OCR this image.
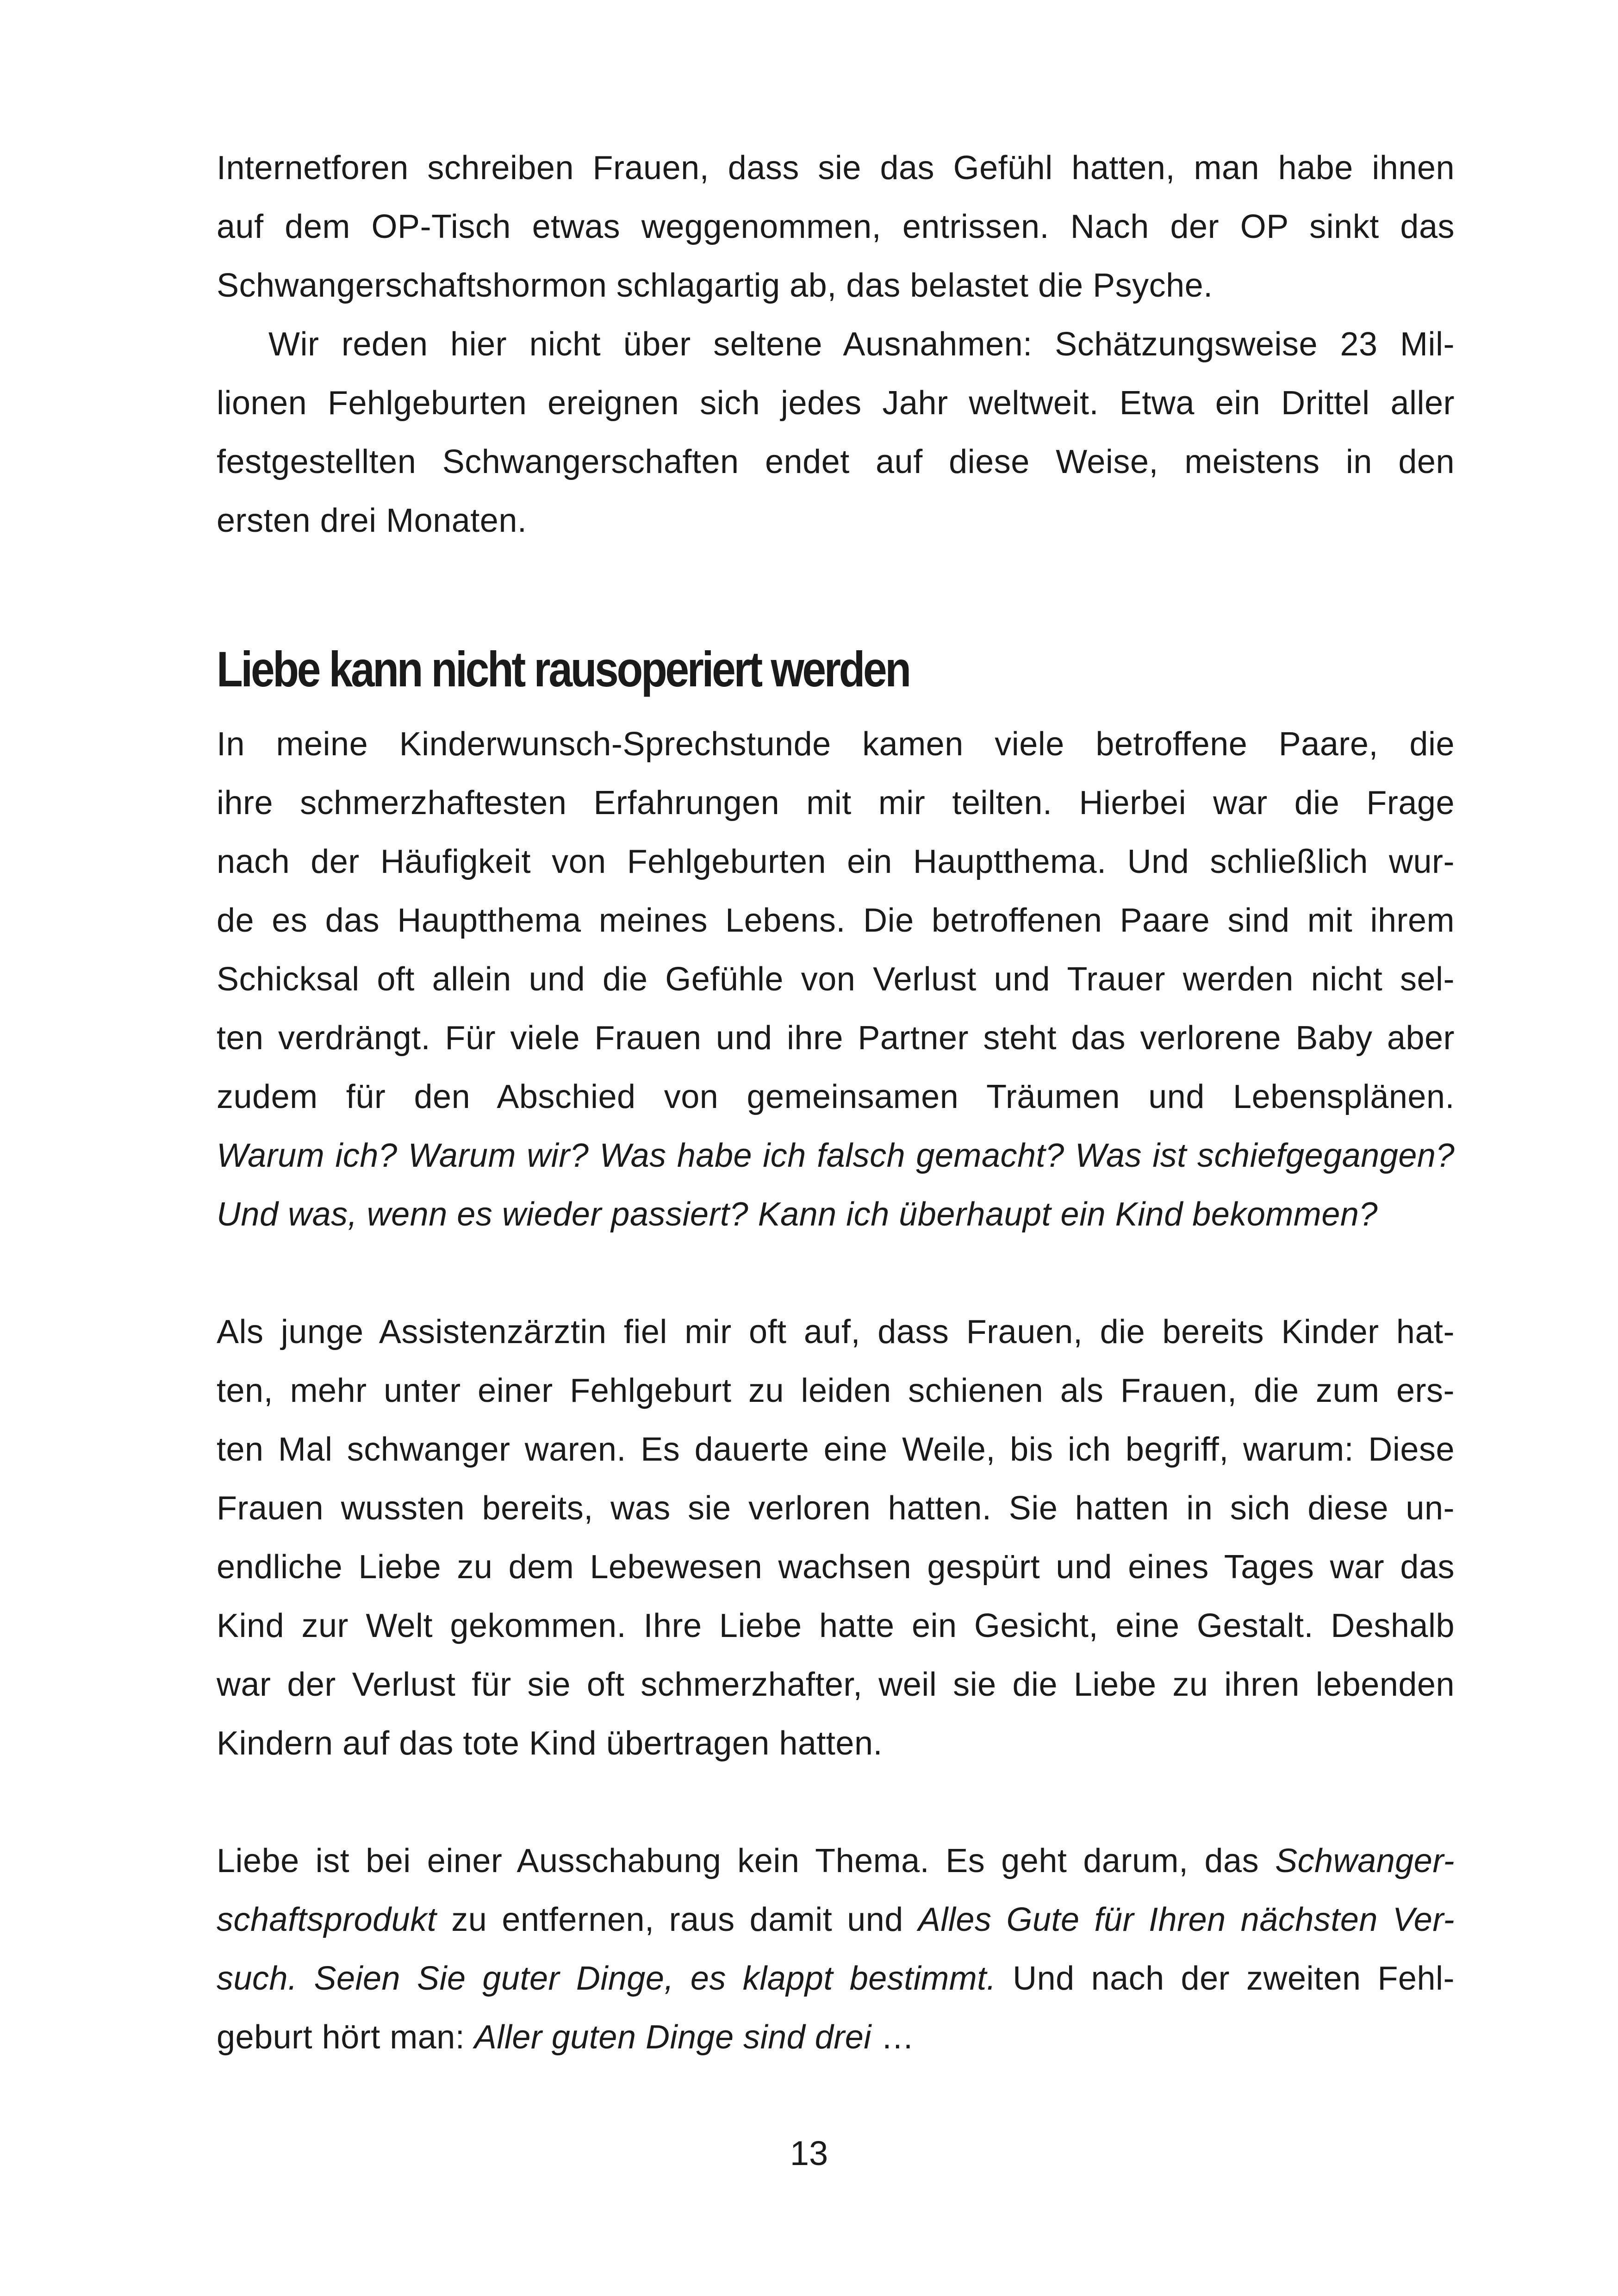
Internetforen schreiben Frauen, dass sie das Gefühl hatten, man habe ihnen
auf dem OP-Tisch etwas weggenommen, entrissen. Nach der OP sinkt das
Schwangerschaftshormon schlagartig ab, das belastet die Psyche.
Wir reden hier nicht über seltene Ausnahmen: Schätzungsweise 23 Mil-
lionen Fehlgeburten ereignen sich jedes Jahr weltweit. Etwa ein Drittel aller
festgestellten Schwangerschaften endet auf diese Weise, meistens in den
ersten drei Monaten.
Liebe kann nicht rausoperiert werden
In meine Kinderwunsch-Sprechstunde kamen viele betroffene Paare, die
ihre schmerzhaftesten Erfahrungen mit mir teilten. Hierbei war die Frage
nach der Häufigkeit von Fehlgeburten ein Hauptthema. Und schließlich wur-
de es das Hauptthema meines Lebens. Die betroffenen Paare sind mit ihrem
Schicksal oft allein und die Gefühle von Verlust und Trauer werden nicht sel-
ten verdrängt. Für viele Frauen und ihre Partner steht das verlorene Baby aber
zudem für den Abschied von gemeinsamen Träumen und Lebensplänen.
Warum ich? Warum wir? Was habe ich falsch gemacht? Was ist schiefgegangen?
Und was, wenn es wieder passiert? Kann ich überhaupt ein Kind bekommen?
Als junge Assistenzärztin fiel mir oft auf, dass Frauen, die bereits Kinder hat-
ten, mehr unter einer Fehlgeburt zu leiden schienen als Frauen, die zum ers-
ten Mal schwanger waren. Es dauerte eine Weile, bis ich begriff, warum: Diese
Frauen wussten bereits, was sie verloren hatten. Sie hatten in sich diese un-
endliche Liebe zu dem Lebewesen wachsen gespürt und eines Tages war das
Kind zur Welt gekommen. Ihre Liebe hatte ein Gesicht, eine Gestalt. Deshalb
war der Verlust für sie oft schmerzhafter, weil sie die Liebe zu ihren lebenden
Kindern auf das tote Kind übertragen hatten.
Liebe ist bei einer Ausschabung kein Thema. Es geht darum, das Schwanger-
schaftsprodukt zu entfernen, raus damit und Alles Gute für Ihren nächsten Ver-
such. Seien Sie guter Dinge, es klappt bestimmt. Und nach der zweiten Fehl-
geburt hört man: Aller guten Dinge sind drei …
13
